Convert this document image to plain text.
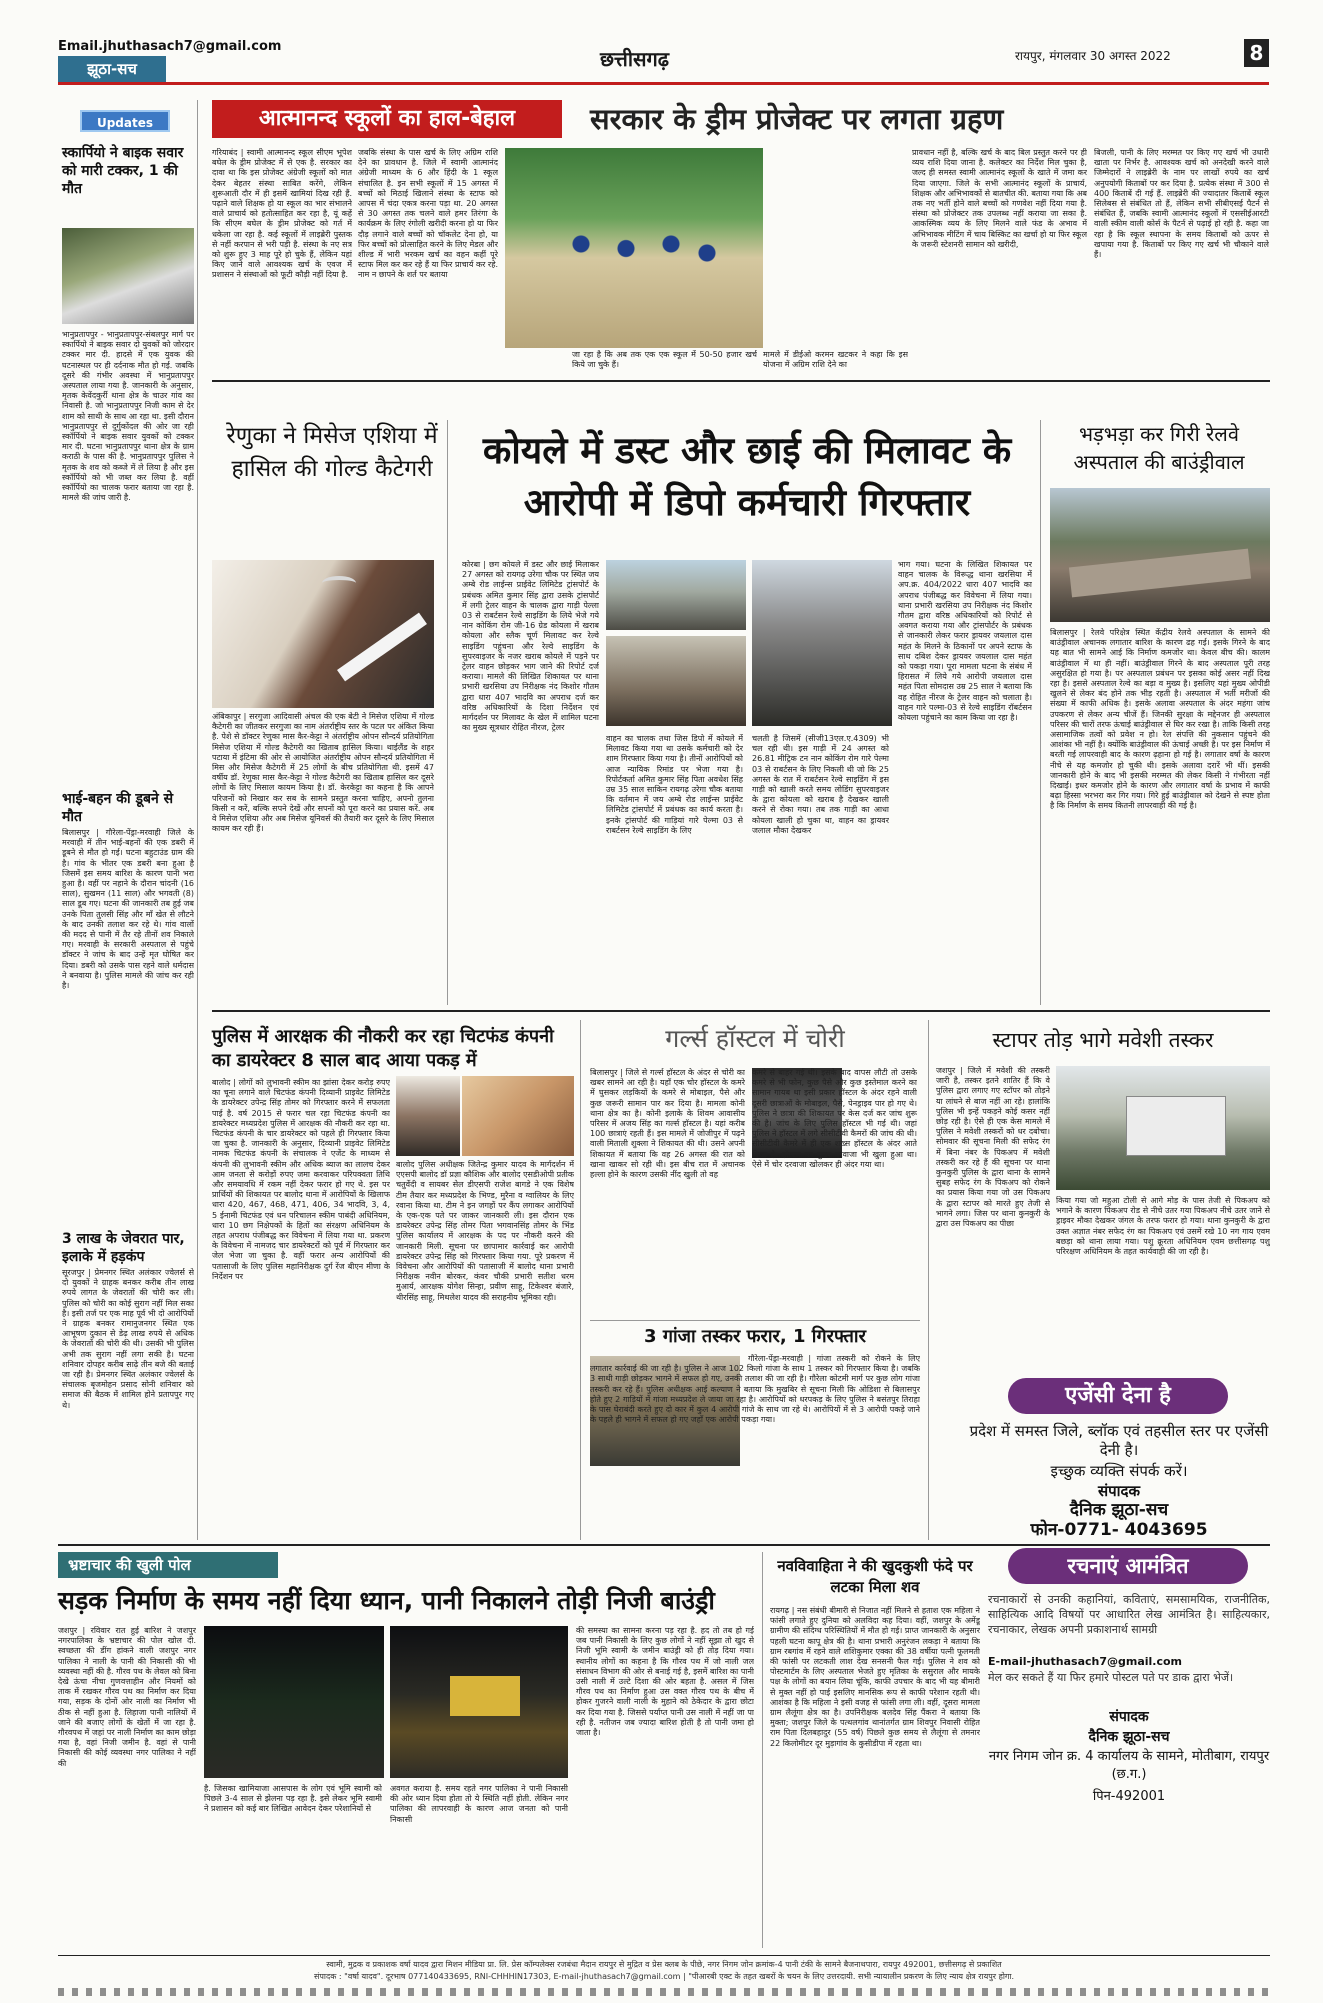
Email.jhuthasach7@gmail.com
झूठा-सच	छत्तीसगढ़	रायपुर, मंगलवार 30 अगस्त 2022	8
Updates
स्कार्पियो ने बाइक सवार को मारी टक्कर, 1 की मौत
भानुप्रतापपुर - भानुप्रतापपुर-संबलपुर मार्ग पर स्कार्पियो ने बाइक सवार दो युवकों को जोरदार टक्कर मार दी. हादसे में एक युवक की घटनास्थल पर ही दर्दनाक मौत हो गई. जबकि दूसरे की गंभीर अवस्था में भानुप्रतापपुर अस्पताल लाया गया है. जानकारी के अनुसार, मृतक केवेंदकुर्री थाना क्षेत्र के चाउर गांव का निवासी है. जो भानुप्रतापपुर निजी काम से देर शाम को साथी के साथ आ रहा था. इसी दौरान भानुप्रतापपुर से दुर्गुकोंदल की ओर जा रही स्कॉर्पियो ने बाइक सवार युवकों को टक्कर मार दी. घटना भानुप्रतापपुर थाना क्षेत्र के ग्राम कराठी के पास की है. भानुप्रतापपुर पुलिस ने मृतक के शव को कब्जे में ले लिया है और इस स्कॉर्पियो को भी जब्त कर लिया है. वहीं स्कॉर्पियो का चालक फरार बताया जा रहा है. मामले की जांच जारी है.
भाई-बहन की डूबने से मौत
बिलासपुर | गौरेला-पेंड्रा-मरवाही जिले के मरवाही में तीन भाई-बहनों की एक डबरी में डूबने से मौत हो गई। घटना बहुटाउंड ग्राम की है। गांव के भीतर एक डबरी बना हुआ है जिसमें इस समय बारिश के कारण पानी भरा हुआ है। वहीं पर नहाने के दौरान चांदनी (16 साल), सुखमन (11 साल) और भगवती (8) साल डूब गए। घटना की जानकारी तब हुई जब उनके पिता तुलसी सिंह और माँ खेत से लौटने के बाद उनकी तलाश कर रहे थे। गांव वालों की मदद से पानी में तैर रहे तीनों शव निकाले गए। मरवाही के सरकारी अस्पताल से पहुंचे डॉक्टर ने जांच के बाद उन्हें मृत घोषित कर दिया। डबरी को उसके पास रहने वाले धर्मदास ने बनवाया है। पुलिस मामले की जांच कर रही है।
3 लाख के जेवरात पार, इलाके में हड़कंप
सूरजपुर | प्रेमनगर स्थित अलंकार ज्वेलर्स से दो युवकों ने ग्राहक बनकर करीब तीन लाख रुपये लागत के जेवरातों की चोरी कर ली। पुलिस को चोरी का कोई सुराग नहीं मिल सका है। इसी तर्ज पर एक माह पूर्व भी दो आरोपियों ने ग्राहक बनकर रामानुजनगर स्थित एक आभूषण दुकान से डेढ़ लाख रुपये से अधिक के जेवरातों की चोरी की थी। उसकी भी पुलिस अभी तक सुराग नहीं लगा सकी है। घटना शनिवार दोपहर करीब साढ़े तीन बजे की बताई जा रही है। प्रेमनगर स्थित अलंकार ज्वेलर्स के संचालक बृजमोहन प्रसाद सोनी शनिवार को समाज की बैठक में शामिल होने प्रतापपुर गए थे।
आत्मानन्द स्कूलों का हाल-बेहाल	सरकार के ड्रीम प्रोजेक्ट पर लगता ग्रहण
गरियाबंद | स्वामी आत्मानन्द स्कूल सीएम भूपेश बघेल के ड्रीम प्रोजेक्ट में से एक है. सरकार का दावा था कि इस प्रोजेक्ट अंग्रेजी स्कूलों को मात देकर बेहतर संस्था साबित करेंगे, लेकिन शुरूआती दौर में ही इसमें खामियां दिख रही हैं. पढ़ाने वाले शिक्षक हो या स्कूल का भार संभालने वाले प्राचार्य को हतोत्साहित कर रहा है, यूं कहें कि सीएम बघेल के ड्रीम प्रोजेक्ट को गर्त में धकेला जा रहा है. कई स्कूलों में लाइब्रेरी पुस्तक से नहीं करपान से भरी पड़ी है. संस्था के नए सत्र को शुरू हुए 3 माह पूरे हो चुके हैं, लेकिन यहां किए जाने वाले आवश्यक खर्च के एवज में प्रशासन ने संस्थाओं को फूटी कौड़ी नहीं दिया है.
जबकि संस्था के पास खर्च के लिए अग्रिम राशि देने का प्रावधान है. जिले में स्वामी आत्मानंद अंग्रेजी माध्यम के 6 और हिंदी के 1 स्कूल संचालित है. इन सभी स्कूलों में 15 अगस्त में बच्चों को मिठाई खिलाने संस्था के स्टाफ को आपस में चंदा एकत्र करना पड़ा था. 20 अगस्त से 30 अगस्त तक चलने वाले हमर तिरंगा के कार्यक्रम के लिए रंगोली खरीदी करना हो या फिर दौड़ लगाने वाले बच्चों को चॉकलेट देना हो, या फिर बच्चों को प्रोत्साहित करने के लिए मेडल और शील्ड में भारी भरकम खर्च का वहन कहीं पूरे स्टाफ मिल कर कर रहे हैं या फिर प्राचार्य कर रहे. नाम न छापने के शर्त पर बताया
जा रहा है कि अब तक एक एक स्कूल में 50-50 हजार खर्च किये जा चुके हैं।
मामले में डीईओ करमन खटकर ने कहा कि इस योजना में अग्रिम राशि देने का
प्रावधान नहीं है, बल्कि खर्च के बाद बिल प्रस्तुत करने पर ही व्यय राशि दिया जाना है. कलेक्टर का निर्देश मिल चुका है, जल्द ही समस्त स्वामी आत्मानंद स्कूलों के खाते में जमा कर दिया जाएगा. जिले के सभी आत्मानंद स्कूलों के प्राचार्य, शिक्षक और अभिभावकों से बातचीत की. बताया गया कि अब तक नए भर्ती होने वाले बच्चों को गणवेश नहीं दिया गया है. संस्था को प्रोजेक्टर तक उपलब्ध नहीं कराया जा सका है. आकस्मिक व्यय के लिए मिलने वाले फंड के अभाव में अभिभावक मीटिंग में चाय बिस्किट का खर्चा हो या फिर स्कूल के जरूरी स्टेशनरी सामान को खरीदी,
बिजली, पानी के लिए मरम्मत पर किए गए खर्च भी उधारी खाता पर निर्भर है. आवश्यक खर्च को अनदेखी करने वाले जिम्मेदारों ने लाइब्रेरी के नाम पर लाखों रुपये का खर्च अनुपयोगी किताबों पर कर दिया है. प्रत्येक संस्था में 300 से 400 किताबें दी गई हैं. लाइब्रेरी की ज्यादातर किताबें स्कूल सिलेबस से संबंधित तो हैं, लेकिन सभी सीबीएसई पैटर्न से संबंधित हैं, जबकि स्वामी आत्मानंद स्कूलों में एससीईआरटी वाली स्कीम वाली कोर्स के पैटर्न से पढ़ाई हो रही है. कहा जा रहा है कि स्कूल स्थापना के समय किताबों को ऊपर से खपाया गया है. किताबों पर किए गए खर्च भी चौकाने वाले हैं।
रेणुका ने मिसेज एशिया में हासिल की गोल्ड कैटेगरी
अंबिकापुर | सरगुजा आदिवासी अंचल की एक बेटी ने मिसेज एशिया में गोल्ड कैटेगरी का जीतकर सरगुजा का नाम अंतर्राष्ट्रीय स्तर के पटल पर अंकित किया है. पेशे से डॉक्टर रेणुका मास कैर-केट्टा ने अंतर्राष्ट्रीय ओपन सौन्दर्य प्रतियोगिता मिसेज एशिया में गोल्ड कैटेगरी का खिताब हासिल किया। थाईलैंड के शहर पटाया में इंटिमा की ओर से आयोजित अंतर्राष्ट्रीय ओपन सौन्दर्य प्रतियोगिता में मिस और मिसेज कैटेगरी में 25 लोगों के बीच प्रतियोगिता थी. इसमें 47 वर्षीय डॉ. रेणुका मास कैर-केट्टा ने गोल्ड कैटेगरी का खिताब हासिल कर दूसरे लोगों के लिए मिसाल कायम किया है। डॉ. केरकेट्टा का कहना है कि आपने परिजनों को निखार कर सब के सामने प्रस्तुत करना चाहिए, अपनो तुलना किसी न करें, बल्कि सपने देखें और सपनों को पूरा करने का प्रयास करें. अब वे मिसेज एशिया और अब मिसेज यूनिवर्स की तैयारी कर दूसरे के लिए मिसाल कायम कर रही हैं।
कोयले में डस्ट और छाई की मिलावट के आरोपी में डिपो कर्मचारी गिरफ्तार
कोरबा | छग कोयले में डस्ट और छाई मिलाकर 27 अगस्त को रायगढ़ उरेगा चौक पर स्थित जय अम्बे रोड लाईन्स प्राईवेट लिमिटेड ट्रांसपोर्ट के प्रबंधक अमित कुमार सिंह द्वारा उसके ट्रांसपोर्ट में लगी ट्रेलर वाहन के चालक द्वारा गाड़ी पेल्ला 03 से राबर्टसन रेल्वे साइडिंग के लिये भेजे गये नान कोकिंग रोम जी-16 ग्रेड कोयला में खराब कोयला और स्लैक चूर्ण मिलावट कर रेल्वे साइडिंग पहुंचना और रेल्वे साइडिंग के सुपरवाइजर के नजर खराब कोयले में पड़ने पर ट्रेलर वाहन छोड़कर भाग जाने की रिपोर्ट दर्ज कराया। मामले की लिखित शिकायत पर थाना प्रभारी खरसिया उप निरीक्षक नंद किशोर गौतम द्वारा धारा 407 भादवि का अपराध दर्ज कर वरिष्ठ अधिकारियों के दिशा निर्देशन एवं मार्गदर्शन पर मिलावट के खेल में शामिल घटना का मुख्य सूत्रधार रोहित नीरज, ट्रेलर
वाहन का चालक तथा जिस डिपो में कोयले में मिलावट किया गया था उसके कर्मचारी को देर शाम गिरफ्तार किया गया है। तीनों आरोपियों को आज न्यायिक रिमांड पर भेजा गया है। रिपोर्टकर्ता अमित कुमार सिंह पिता अवधेश सिंह उम्र 35 साल साकिन रायगढ़ उरेगा चौक बताया कि वर्तमान में जय अम्बे रोड लाईन्स प्राईवेट लिमिटेड ट्रांसपोर्ट में प्रबंधक का कार्य करता है। इनके ट्रांसपोर्ट की गाड़ियां गारे पेल्मा 03 से राबर्टसन रेल्वे साइडिंग के लिए
चलती है जिसमें (सीजी13एल.ए.4309) भी चल रही थी। इस गाड़ी में 24 अगस्त को 26.81 मीट्रिक टन नान कोकिंग रोम गारे पेल्मा 03 से राबर्टसन के लिए निकली थी जो कि 25 अगस्त के रात में राबर्टसन रेल्वे साइडिंग में इस गाड़ी को खाली करते समय लोडिंग सुपरवाइजर के द्वारा कोयला को खराब है देखकर खाली करने से रोका गया। तब तक गाड़ी का आधा कोयला खाली हो चुका था, वाहन का ड्रायवर जलाल मौका देखकर
भाग गया। घटना के लिखित शिकायत पर वाहन चालक के विरूद्ध थाना खरसिया में अप.क्र. 404/2022 धारा 407 भादवि का अपराध पंजीबद्ध कर विवेचना में लिया गया। थाना प्रभारी खरसिया उप निरीक्षक नंद किशोर गौतम द्वारा वरिष्ठ अधिकारियों को रिपोर्ट से अवगत कराया गया और ट्रांसपोर्टर के प्रबंधक से जानकारी लेकर फरार ड्रायवर जयलाल दास महंत के मिलने के ठिकानों पर अपने स्टाफ के साथ दबिश देकर ड्रायवर जयलाल दास महंत को पकड़ा गया। पूरा मामला घटना के संबंध में हिरासत में लिये गये आरोपी जयलाल दास महंत पिता सोमदास उम्र 25 साल ने बताया कि वह रोहित नीरज के ट्रेलर वाहन को चलाता है। वाहन गारे पल्मा-03 से रेल्वे साइडिंग रॉबर्टसन कोयला पहुंचाने का काम किया जा रहा है।
भड़भड़ा कर गिरी रेलवे अस्पताल की बाउंड्रीवाल
बिलासपुर | रेलवे परिक्षेत्र स्थित केंद्रीय रेलवे अस्पताल के सामने की बाउंड्रीवाल अचानक लगातार बारिश के कारण ढह गई। इसके गिरने के बाद यह बात भी सामने आई कि निर्माण कमजोर था। केवल बीच की। कालम बाउंड्रीवाल में था ही नहीं। बाउंड्रीवाल गिरने के बाद अस्पताल पूरी तरह असुरक्षित हो गया है। पर अस्पताल प्रबंधन पर इसका कोई असर नहीं दिख रहा है। इससे अस्पताल रेल्वे का बड़ा व मुख्य है। इसलिए यहां मुख्य ओपीडी खुलने से लेकर बंद होने तक भीड़ रहती है। अस्पताल में भर्ती मरीजों की संख्या में काफी अधिक है। इसके अलावा अस्पताल के अंदर महंगा जांच उपकरण से लेकर अन्य चीजें हैं। जिनकी सुरक्षा के मद्देनजर ही अस्पताल परिसर की चारों तरफ ऊंचाई बाउंड्रीवाल से घिर कर रखा है। ताकि किसी तरह असामाजिक तत्वों को प्रवेश न हो। रेल संपत्ति की नुकसान पहुंचने की आशंका भी नहीं है। क्योंकि बाउंड्रीवाल की ऊंचाई अच्छी है। पर इस निर्माण में बरती गई लापरवाही बाद के कारण ढ़हाना हो गई है। लगातार वर्षा के कारण नीचे से यह कमजोर हो चुकी थी। इसके अलावा दरारें भी थीं। इसकी जानकारी होने के बाद भी इसकी मरम्मत की लेकर किसी ने गंभीरता नहीं दिखाई। इधर कमजोर होने के कारण और लगातार वर्षा के प्रभाव में काफी बढ़ा हिस्सा भरभरा कर गिर गया। गिरे हुई बाउंड्रीवाल को देखने से स्पष्ट होता है कि निर्माण के समय कितनी लापरवाही की गई है।
पुलिस में आरक्षक की नौकरी कर रहा चिटफंड कंपनी का डायरेक्टर 8 साल बाद आया पकड़ में
बालोद | लोगों को लुभावनी स्कीम का झांसा देकर करोड़ रुपए का चूना लगाने वाले चिटफंड कंपनी दिव्यानी प्राइवेट लिमिटेड के डायरेक्टर उपेन्द्र सिंह तोमर को गिरफ्तार करने में सफलता पाई है. वर्ष 2015 से फरार चल रहा चिटफंड कंपनी का डायरेक्टर मध्यप्रदेश पुलिस में आरक्षक की नौकरी कर रहा था. चिटफंड कंपनी के चार डायरेक्टर को पहले ही गिरफ्तार किया जा चुका है. जानकारी के अनुसार, दिव्यानी प्राइवेट लिमिटेड नामक चिटफंड कंपनी के संचालक ने एजेंट के माध्यम से कंपनी की लुभावनी स्कीम और अधिक ब्याज का लालच देकर आम जनता से करोड़ों रुपए जमा करवाकर परिपक्वता तिथि और समयावधि में रकम नहीं देकर फरार हो गए थे. इस पर प्रार्थियों की शिकायत पर बालोद थाना में आरोपियों के खिलाफ धारा 420, 467, 468, 471, 406, 34 भादवि, 3, 4, 5 ईनामी चिटफंड एवं धन परिचालन स्कीम पाबंदी अधिनियम, धारा 10 छग निक्षेपकों के हितों का संरक्षण अधिनियम के तहत अपराध पंजीबद्ध कर विवेचना में लिया गया था. प्रकरण के विवेचना में नामजद चार डायरेक्टरों को पूर्व में गिरफ्तार कर जेल भेजा जा चुका है. वहीं फरार अन्य आरोपियों की पतासाजी के लिए पुलिस महानिरीक्षक दुर्ग रेंज बीएन मीणा के निर्देशन पर
बालोद पुलिस अधीक्षक जितेन्द्र कुमार यादव के मार्गदर्शन में एएसपी बालोद डॉ प्रज्ञा कौशिक और बालोद एसडीओपी प्रतीक चतुर्वेदी व सायबर सेल डीएसपी राजेश बागडे ने एक विशेष टीम तैयार कर मध्यप्रदेश के भिण्ड, मुरैना व ग्वालियर के लिए रवाना किया था. टीम ने इन जगहों पर कैंप लगाकर आरोपियों के एक-एक पते पर जाकर जानकारी ली। इस दौरान एक डायरेक्टर उपेन्द्र सिंह तोमर पिता भगवानसिंह तोमर के भिंड पुलिस कार्यालय में आरक्षक के पद पर नौकरी करने की जानकारी मिली. सूचना पर छापामार कार्रवाई कर आरोपी डायरेक्टर उपेन्द्र सिंह को गिरफ्तार किया गया. पूरे प्रकरण में विवेचना और आरोपियों की पतासाजी में बालोद थाना प्रभारी निरीक्षक नवीन बोरकर, कंवर चौकी प्रभारी सतीश धरम मुआर्य, आरक्षक योगेश सिन्हा, प्रवीण साहू, टिकेश्वर बंजारे, थीरसिंह साहू, मिथलेश यादव की सराहनीय भूमिका रही।
गर्ल्स हॉस्टल में चोरी
बिलासपुर | जिले से गर्ल्स हॉस्टल के अंदर से चोरी का खबर सामने आ रही है। यहाँ एक चोर हॉस्टल के कमरे में घुसकर लड़कियों के कमरे से मोबाइल, पैसे और कुछ जरूरी सामान पार कर दिया है। मामला कोनी थाना क्षेत्र का है। कोनी इलाके के शिवम आवासीय परिसर में अजय सिंह का गर्ल्स हॉस्टल है। यहां करीब 100 छात्राएं रहती हैं। इस मामले में जोजीपुर में पढ़ने वाली मिताली शुक्ला ने शिकायत की थी। उसने अपनी शिकायत में बताया कि वह 26 अगस्त की रात को खाना खाकर सो रही थी। इस बीच रात में अचानक हल्ला होने के कारण उसकी नींद खुली तो वह
कमरे से बाहर गई थी। इसके बाद वापस लौटी तो उसके कमरे से भी फोन, कुछ पैसे और कुछ इस्तेमाल करने का सामान गायब था इसी प्रकार हॉस्टल के अंदर रहने वाली दूसरी छात्राओं के मोबाइल, पैसे, पेनड्राइव पार हो गए थे। पुलिस ने छात्रा की शिकायत पर केस दर्ज कर जांच शुरू की है। जांच के लिए पुलिस हॉस्टल भी गई थी। जहां पुलिस ने हॉस्टल में लगे सीसीटीवी कैमरों की जांच की थी। सीसीटीवी कैमरे में ही एक शख्स हॉस्टल के अंदर आते दिखा है। हॉस्टल का मुख्य दरवाजा भी खुला हुआ था। ऐसे में चोर दरवाजा खोलकर ही अंदर गया था।
3 गांजा तस्कर फरार, 1 गिरफ्तार
गौरेला-पेंड्रा-मरवाही | गांजा तस्करी को रोकने के लिए लगातार कार्रवाई की जा रही है। पुलिस ने आज 102 किलो गांजा के साथ 1 तस्कर को गिरफ्तार किया है। जबकि 3 साथी गाड़ी छोड़कर भागने में सफल हो गए, उनकी तलाश की जा रही है। गौरेला कोटमी मार्ग पर कुछ लोग गांजा तस्करी कर रहे हैं। पुलिस अधीक्षक आई कल्याण ने बताया कि मुखबिर से सूचना मिली कि ओडिशा से बिलासपुर होते हुए 2 गाड़ियों में गांजा मध्यप्रदेश ले जाया जा रहा है। आरोपियों को धरपकड़ के लिए पुलिस ने बसंतपुर तिराहा के पास घेराबंदी करते हुए दो कार में कुल 4 आरोपी गांजे के साथ जा रहे थे। आरोपियों में से 3 आरोपी पकड़े जाने के पहले ही भागने में सफल हो गए जहाँ एक आरोपी पकड़ा गया।
स्टापर तोड़ भागे मवेशी तस्कर
जशपुर | जिले में मवेशी की तस्करी जारी है, तस्कर इतने शातिर हैं कि वे पुलिस द्वारा लगाए गए स्टॉपर को तोड़ने या लांघने से बाज नहीं आ रहे। हालांकि पुलिस भी इन्हें पकड़ने कोई कसर नहीं छोड़ रही है। ऐसे ही एक केस मामले में पुलिस ने मवेशी तस्करों को धर दबोचा। सोमवार की सूचना मिली की सफेद रंग में बिना नंबर के पिकअप में मवेशी तस्करी कर रहे हैं की सूचना पर थाना कुनकुरी पुलिस के द्वारा थाना के सामने सुबह सफेद रंग के पिकअप को रोकने का प्रयास किया गया जो उस पिकअप के द्वारा स्टापर को मारते हुए तेजी से भागने लगा। जिस पर थाना कुनकुरी के द्वारा उस पिकअप का पीछा
किया गया जो महुआ टोली से आगे मोड़ के पास तेजी से पिकअप को भगाने के कारण पिकअप रोड से नीचे उतर गया पिकअप नीचे उतर जाने से ड्राइवर मौका देखकर जंगल के तरफ फरार हो गया। थाना कुनकुरी के द्वारा उक्त अज्ञात नंबर सफेद रंग का पिकअप एवं उसमें रखे 10 नग गाय एवम बछड़ा को थाना लाया गया। पशु क्रूरता अधिनियम एवम छत्तीसगढ़ पशु परिरक्षण अधिनियम के तहत कार्यवाही की जा रही है।
एजेंसी देना है
प्रदेश में समस्त जिले, ब्लॉक एवं तहसील स्तर पर एजेंसी देनी है।
इच्छुक व्यक्ति संपर्क करें।
संपादक
दैनिक झूठा-सच
फोन-0771- 4043695
भ्रष्टाचार की खुली पोल
सड़क निर्माण के समय नहीं दिया ध्यान, पानी निकालने तोड़ी निजी बाउंड्री
जशपुर | रविवार रात हुई बारिश ने जशपुर नगरपालिका के भ्रष्टाचार की पोल खोल दी. स्वच्छता की डींग हांकने वाली जशपुर नगर पालिका ने नाली के पानी की निकासी की भी व्यवस्था नहीं की है. गौरव पथ के लेवल को बिना देखे ऊंचा नीचा गुणवत्ताहीन और नियमों को ताक में रखकर गौरव पथ का निर्माण कर दिया गया, सड़क के दोनों ओर नाली का निर्माण भी ठीक से नहीं हुआ है. लिहाजा पानी नालियों में जाने की बजाए लोगों के खेतों में जा रहा है. गौरवपथ में जहां पर नाली निर्माण का काम छोड़ा गया है, वहां निजी जमीन है. वहां से पानी निकासी की कोई व्यवस्था नगर पालिका ने नहीं की
है. जिसका खामियाजा आसपास के लोग एवं भूमि स्वामी को पिछले 3-4 साल से झेलना पड़ रहा है. इसे लेकर भूमि स्वामी ने प्रशासन को कई बार लिखित आवेदन देकर परेशानियों से
अवगत कराया है. समय रहते नगर पालिका ने पानी निकासी की ओर ध्यान दिया होता तो ये स्थिति नहीं होती. लेकिन नगर पालिका की लापरवाही के कारण आज जनता को पानी निकासी
की समस्या का सामना करना पड़ रहा है. हद तो तब हो गई जब पानी निकासी के लिए कुछ लोगों ने नहीं सूझा तो खुद से निजी भूमि स्वामी के जमीन बाउंड्री को ही तोड़ दिया गया। स्थानीय लोगों का कहना है कि गौरव पथ में जो नाली जल संसाधन विभाग की ओर से बनाई गई है, इसमें बारिश का पानी उसी नाली में उल्टे दिशा की ओर बहता है. असल में जिस गौरव पथ का निर्माण हुआ उस वक्त गौरव पथ के बीच में होकर गुजरने वाली नाली के मुहाने को ठेकेदार के द्वारा छोटा कर दिया गया है. जिससे पर्याप्त पानी उस नाली में नहीं जा पा रही है. नतीजन जब ज्यादा बारिश होती है तो पानी जमा हो जाता है।
नवविवाहिता ने की खुदकुशी फंदे पर लटका मिला शव
रायगढ़ | नस संबंधी बीमारी से निजात नहीं मिलने से हताश एक महिला ने फांसी लगाते हुए दुनिया को अलविदा कह दिया। वहीं, जशपुर के अमेंडू ग्रामीण की संदिग्ध परिस्थितियों में मौत हो गई। प्राप्त जानकारी के अनुसार पहली घटना कापू क्षेत्र की है। थाना प्रभारी अनुरंजन लकड़ा ने बताया कि ग्राम रबगांव में रहने वाले शशिकुमार एक्का की 38 वर्षीया पत्नी फूलमती की फांसी पर लटकती लाश देख सनसनी फैल गई। पुलिस ने शव को पोस्टमार्टम के लिए अस्पताल भेजते हुए मृतिका के ससुराल और मायके पक्ष के लोगों का बयान लिया चूंकि, काफी उपचार के बाद भी यह बीमारी से मुक्त नहीं हो पाई इसलिए मानसिक रूप से काफी परेशान रहती थी। आशंका है कि महिला ने इसी वजह से फांसी लगा ली। वहीं, दूसरा मामला ग्राम लैलूंगा क्षेत्र का है। उपनिरीक्षक बलदेव सिंह पैंकरा ने बताया कि मुक्ता; जशपुर जिले के पत्थलगांव थानांतर्गत ग्राम शिवपुर निवासी रोहित राम पिता दिलबहादुर (55 वर्ष) पिछले कुछ समय से लैलूंगा से तमनार 22 किलोमीटर दूर मुड़ागांव के कुसीडीपा में रहता था।
रचनाएं आमंत्रित
रचनाकारों से उनकी कहानियां, कविताएं, समसामयिक, राजनीतिक, साहित्यिक आदि विषयों पर आधारित लेख आमंत्रित है। साहित्यकार, रचनाकार, लेखक अपनी प्रकाशनार्थ सामग्री
E-mail-jhuthasach7@gmail.com
मेल कर सकते हैं या फिर हमारे पोस्टल पते पर डाक द्वारा भेजें।
संपादक
दैनिक झूठा-सच
नगर निगम जोन क्र. 4 कार्यालय के सामने, मोतीबाग, रायपुर (छ.ग.)
पिन-492001
स्वामी, मुद्रक व प्रकाशक वर्षा यादव द्वारा मिशन मीडिया प्रा. लि. प्रेस कॉम्पलेक्स रजबंधा मैदान रायपुर से मुद्रित व प्रेस क्लब के पीछे, नगर निगम जोन क्रमांक-4 पानी टंकी के सामने बैजनाथपारा, रायपुर 492001, छत्तीसगढ़ से प्रकाशित
संपादक : "वर्षा यादव". दूरभाष 077140433695, RNI-CHHHIN17303, E-mail-jhuthasach7@gmail.com | "पीआरबी एक्ट के तहत खबरों के चयन के लिए उत्तरदायी. सभी न्यायालीन प्रकरण के लिए न्याय क्षेत्र रायपुर होगा.
